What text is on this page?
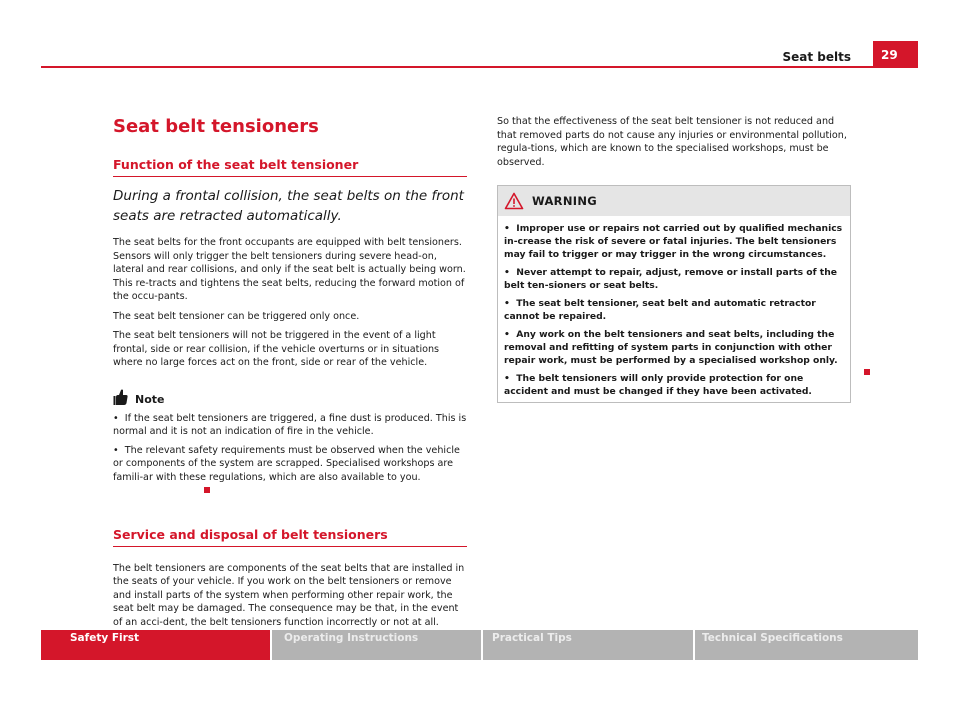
Seat belts	29
Seat belt tensioners
Function of the seat belt tensioner
During a frontal collision, the seat belts on the front seats are retracted automatically.

The seat belts for the front occupants are equipped with belt tensioners. Sensors will only trigger the belt tensioners during severe head-on, lateral and rear collisions, and only if the seat belt is actually being worn. This re-tracts and tightens the seat belts, reducing the forward motion of the occu-pants.

The seat belt tensioner can be triggered only once.

The seat belt tensioners will not be triggered in the event of a light frontal, side or rear collision, if the vehicle overturns or in situations where no large forces act on the front, side or rear of the vehicle.

Note

•  If the seat belt tensioners are triggered, a fine dust is produced. This is normal and it is not an indication of fire in the vehicle.

•  The relevant safety requirements must be observed when the vehicle or components of the system are scrapped. Specialised workshops are famili-ar with these regulations, which are also available to you.

Service and disposal of belt tensioners

The belt tensioners are components of the seat belts that are installed in the seats of your vehicle. If you work on the belt tensioners or remove and install parts of the system when performing other repair work, the seat belt may be damaged. The consequence may be that, in the event of an acci-dent, the belt tensioners function incorrectly or not at all.

So that the effectiveness of the seat belt tensioner is not reduced and that removed parts do not cause any injuries or environmental pollution, regula-tions, which are known to the specialised workshops, must be observed.

WARNING

•  Improper use or repairs not carried out by qualified mechanics in-crease the risk of severe or fatal injuries. The belt tensioners may fail to trigger or may trigger in the wrong circumstances.

•  Never attempt to repair, adjust, remove or install parts of the belt ten-sioners or seat belts.

•  The seat belt tensioner, seat belt and automatic retractor cannot be repaired.

•  Any work on the belt tensioners and seat belts, including the removal and refitting of system parts in conjunction with other repair work, must be performed by a specialised workshop only.

•  The belt tensioners will only provide protection for one accident and must be changed if they have been activated.

Safety First	Operating Instructions	Practical Tips	Technical Specifications
